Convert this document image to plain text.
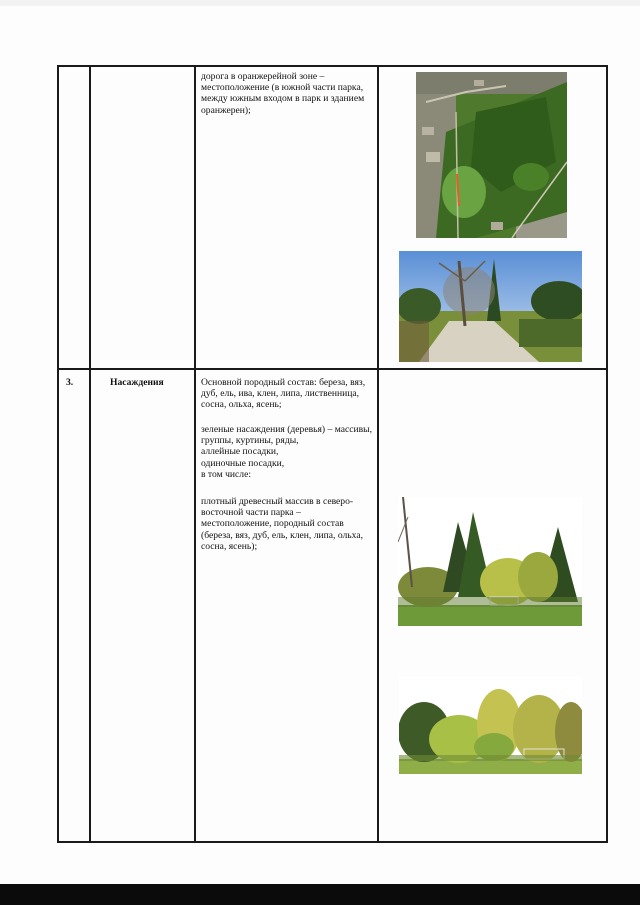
дорога в оранжерейной зоне – местоположение (в южной части парка, между южным входом в парк и зданием оранжерен);
3.	Насаждения	Основной породный состав: береза, вяз, дуб, ель, ива, клен, липа, лиственница, сосна, ольха, ясень;
зеленые насаждения (деревья) – массивы, группы, куртины, ряды,
аллейные посадки,
одиночные посадки,
в том числе:
плотный древесный массив в северо-восточной части парка – местоположение, породный состав (береза, вяз, дуб, ель, клен, липа, ольха, сосна, ясень);
